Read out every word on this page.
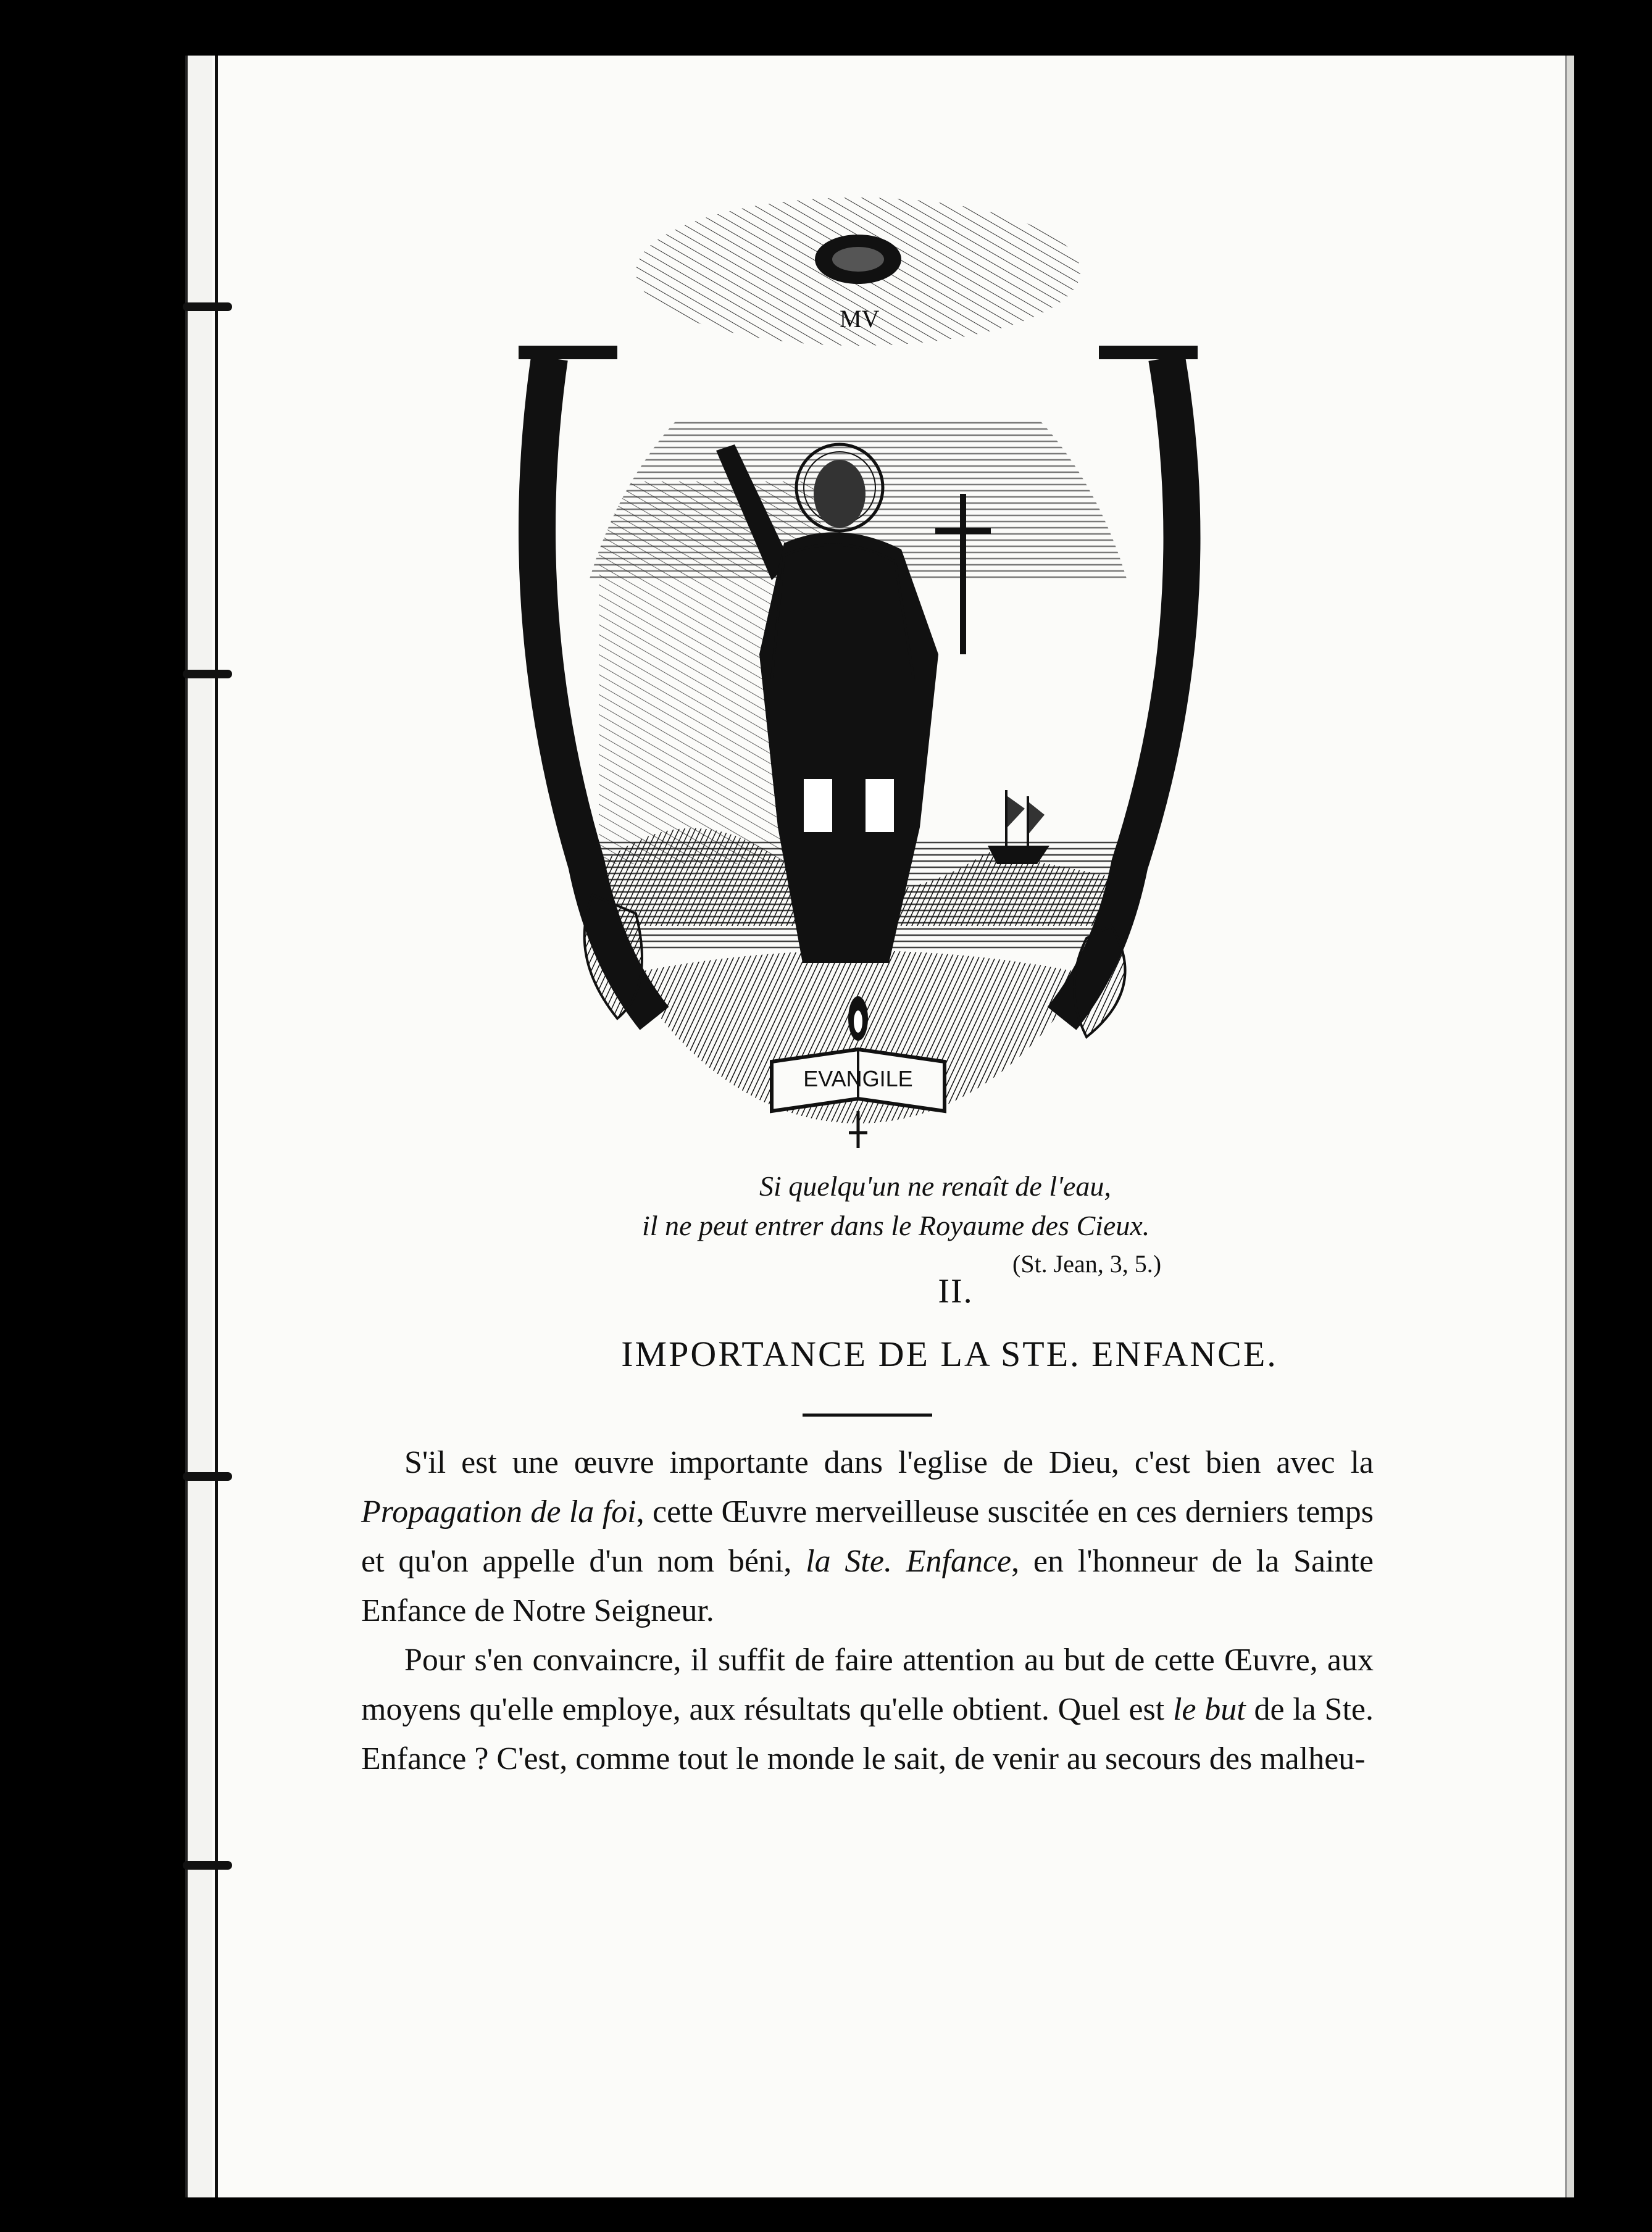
MV
EVANGILE
Si quelqu'un ne renaît de l'eau,
il ne peut entrer dans le Royaume des Cieux.
(St. Jean, 3, 5.)
II.
IMPORTANCE DE LA STE. ENFANCE.

S'il est une œuvre importante dans l'eglise de Dieu, c'est bien avec la Propagation de la foi, cette Œuvre merveilleuse suscitée en ces derniers temps et qu'on appelle d'un nom béni, la Ste. Enfance, en l'honneur de la Sainte Enfance de Notre Seigneur.

Pour s'en convaincre, il suffit de faire attention au but de cette Œuvre, aux moyens qu'elle employe, aux résultats qu'elle obtient. Quel est le but de la Ste. Enfance ? C'est, comme tout le monde le sait, de venir au secours des malheu-
